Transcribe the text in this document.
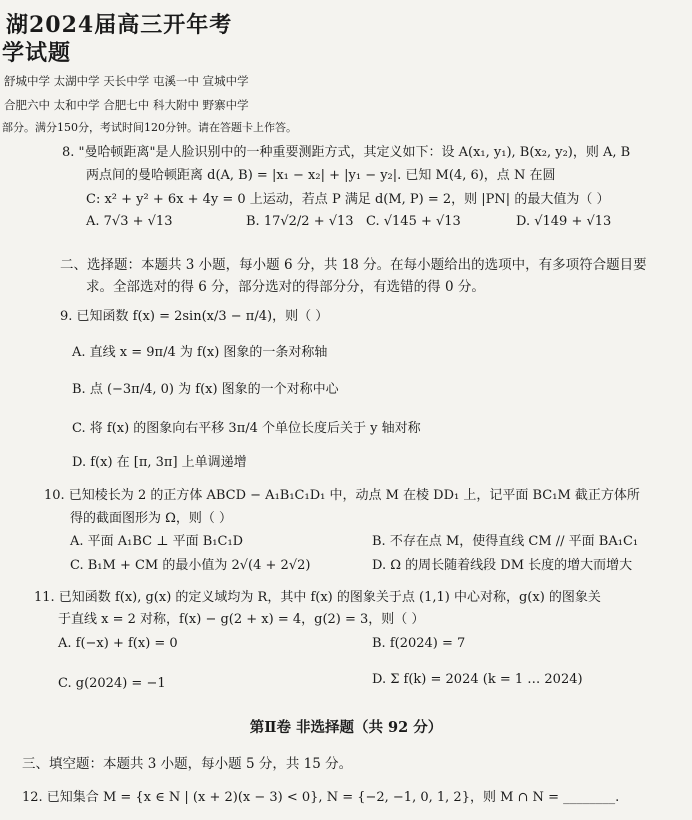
湖2024届高三开年考
学试题
舒城中学 太湖中学 天长中学 屯溪一中 宣城中学
合肥六中 太和中学 合肥七中 科大附中 野寨中学
部分。满分150分，考试时间120分钟。请在答题卡上作答。
8. "曼哈顿距离"是人脸识别中的一种重要测距方式，其定义如下：设 A(x₁, y₁), B(x₂, y₂)，则 A, B
两点间的曼哈顿距离 d(A, B) = |x₁ − x₂| + |y₁ − y₂|. 已知 M(4, 6)，点 N 在圆
C: x² + y² + 6x + 4y = 0 上运动，若点 P 满足 d(M, P) = 2，则 |PN| 的最大值为（ ）
A. 7√3 + √13	B. 17√2/2 + √13 C. √145 + √13	D. √149 + √13
二、选择题：本题共 3 小题，每小题 6 分，共 18 分。在每小题给出的选项中，有多项符合题目要
求。全部选对的得 6 分，部分选对的得部分分，有选错的得 0 分。
9. 已知函数 f(x) = 2sin(x/3 − π/4)，则（ ）
A. 直线 x = 9π/4 为 f(x) 图象的一条对称轴
B. 点 (−3π/4, 0) 为 f(x) 图象的一个对称中心
C. 将 f(x) 的图象向右平移 3π/4 个单位长度后关于 y 轴对称
D. f(x) 在 [π, 3π] 上单调递增
10. 已知棱长为 2 的正方体 ABCD − A₁B₁C₁D₁ 中，动点 M 在棱 DD₁ 上，记平面 BC₁M 截正方体所
得的截面图形为 Ω，则（ ）
A. 平面 A₁BC ⊥ 平面 B₁C₁D	B. 不存在点 M，使得直线 CM // 平面 BA₁C₁
C. B₁M + CM 的最小值为 2√(4 + 2√2)	D. Ω 的周长随着线段 DM 长度的增大而增大
11. 已知函数 f(x), g(x) 的定义域均为 R，其中 f(x) 的图象关于点 (1,1) 中心对称，g(x) 的图象关
于直线 x = 2 对称，f(x) − g(2 + x) = 4，g(2) = 3，则（ ）
A. f(−x) + f(x) = 0	B. f(2024) = 7
C. g(2024) = −1	D. Σ f(k) = 2024 (k = 1 … 2024)
第Ⅱ卷 非选择题（共 92 分）
三、填空题：本题共 3 小题，每小题 5 分，共 15 分。
12. 已知集合 M = {x ∈ N | (x + 2)(x − 3) < 0}, N = {−2, −1, 0, 1, 2}，则 M ∩ N = ________.
